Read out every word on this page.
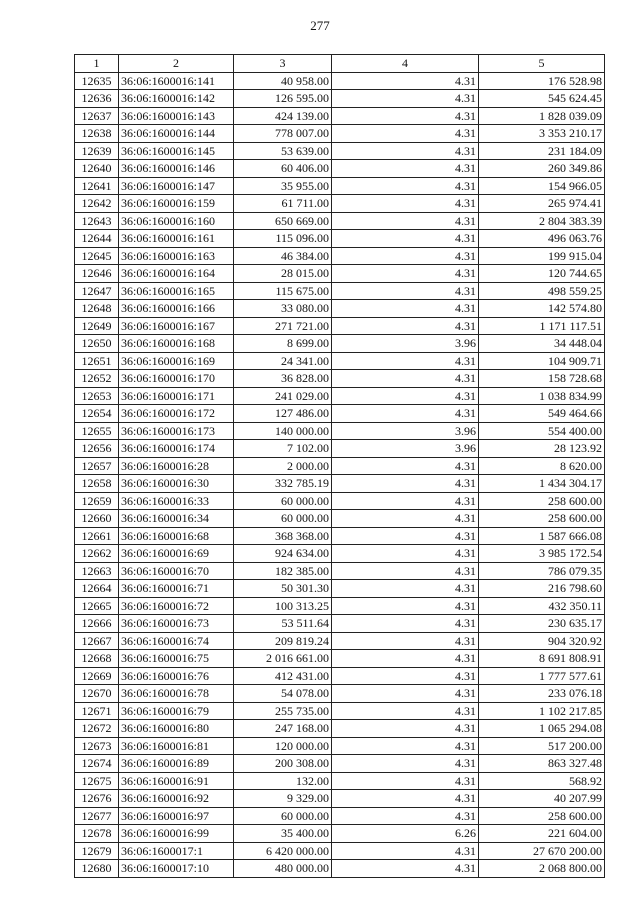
277
1	2	3	4	5
12635	36:06:1600016:141	40 958.00	4.31	176 528.98
12636	36:06:1600016:142	126 595.00	4.31	545 624.45
12637	36:06:1600016:143	424 139.00	4.31	1 828 039.09
12638	36:06:1600016:144	778 007.00	4.31	3 353 210.17
12639	36:06:1600016:145	53 639.00	4.31	231 184.09
12640	36:06:1600016:146	60 406.00	4.31	260 349.86
12641	36:06:1600016:147	35 955.00	4.31	154 966.05
12642	36:06:1600016:159	61 711.00	4.31	265 974.41
12643	36:06:1600016:160	650 669.00	4.31	2 804 383.39
12644	36:06:1600016:161	115 096.00	4.31	496 063.76
12645	36:06:1600016:163	46 384.00	4.31	199 915.04
12646	36:06:1600016:164	28 015.00	4.31	120 744.65
12647	36:06:1600016:165	115 675.00	4.31	498 559.25
12648	36:06:1600016:166	33 080.00	4.31	142 574.80
12649	36:06:1600016:167	271 721.00	4.31	1 171 117.51
12650	36:06:1600016:168	8 699.00	3.96	34 448.04
12651	36:06:1600016:169	24 341.00	4.31	104 909.71
12652	36:06:1600016:170	36 828.00	4.31	158 728.68
12653	36:06:1600016:171	241 029.00	4.31	1 038 834.99
12654	36:06:1600016:172	127 486.00	4.31	549 464.66
12655	36:06:1600016:173	140 000.00	3.96	554 400.00
12656	36:06:1600016:174	7 102.00	3.96	28 123.92
12657	36:06:1600016:28	2 000.00	4.31	8 620.00
12658	36:06:1600016:30	332 785.19	4.31	1 434 304.17
12659	36:06:1600016:33	60 000.00	4.31	258 600.00
12660	36:06:1600016:34	60 000.00	4.31	258 600.00
12661	36:06:1600016:68	368 368.00	4.31	1 587 666.08
12662	36:06:1600016:69	924 634.00	4.31	3 985 172.54
12663	36:06:1600016:70	182 385.00	4.31	786 079.35
12664	36:06:1600016:71	50 301.30	4.31	216 798.60
12665	36:06:1600016:72	100 313.25	4.31	432 350.11
12666	36:06:1600016:73	53 511.64	4.31	230 635.17
12667	36:06:1600016:74	209 819.24	4.31	904 320.92
12668	36:06:1600016:75	2 016 661.00	4.31	8 691 808.91
12669	36:06:1600016:76	412 431.00	4.31	1 777 577.61
12670	36:06:1600016:78	54 078.00	4.31	233 076.18
12671	36:06:1600016:79	255 735.00	4.31	1 102 217.85
12672	36:06:1600016:80	247 168.00	4.31	1 065 294.08
12673	36:06:1600016:81	120 000.00	4.31	517 200.00
12674	36:06:1600016:89	200 308.00	4.31	863 327.48
12675	36:06:1600016:91	132.00	4.31	568.92
12676	36:06:1600016:92	9 329.00	4.31	40 207.99
12677	36:06:1600016:97	60 000.00	4.31	258 600.00
12678	36:06:1600016:99	35 400.00	6.26	221 604.00
12679	36:06:1600017:1	6 420 000.00	4.31	27 670 200.00
12680	36:06:1600017:10	480 000.00	4.31	2 068 800.00
